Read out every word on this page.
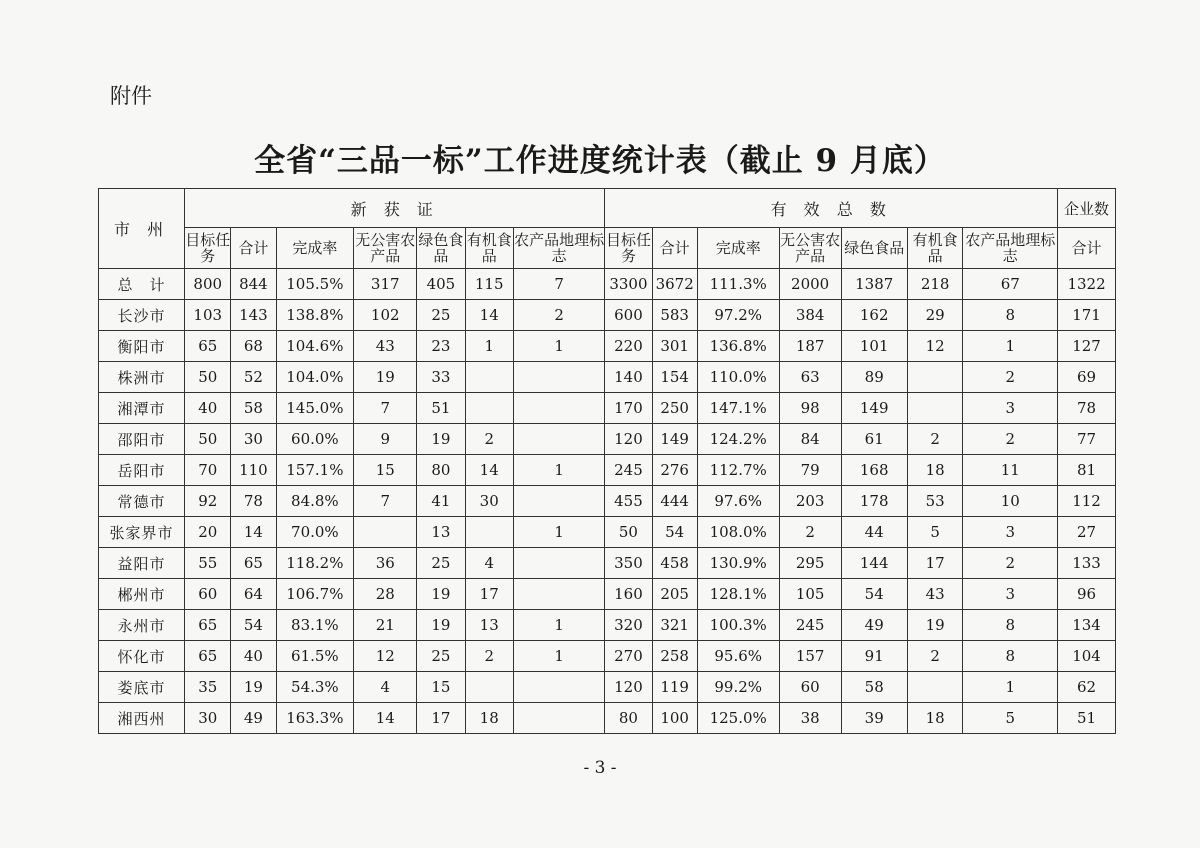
附件
全省“三品一标”工作进度统计表（截止 9 月底）
市 州	新 获 证							有 效 总 数							企业数
	目标任务	合计	完成率	无公害农产品	绿色食品	有机食品	农产品地理标志	目标任务	合计	完成率	无公害农产品	绿色食品	有机食品	农产品地理标志	合计
总　计	800	844	105.5%	317	405	115	7	3300	3672	111.3%	2000	1387	218	67	1322
长沙市	103	143	138.8%	102	25	14	2	600	583	97.2%	384	162	29	8	171
衡阳市	65	68	104.6%	43	23	1	1	220	301	136.8%	187	101	12	1	127
株洲市	50	52	104.0%	19	33			140	154	110.0%	63	89		2	69
湘潭市	40	58	145.0%	7	51			170	250	147.1%	98	149		3	78
邵阳市	50	30	60.0%	9	19	2		120	149	124.2%	84	61	2	2	77
岳阳市	70	110	157.1%	15	80	14	1	245	276	112.7%	79	168	18	11	81
常德市	92	78	84.8%	7	41	30		455	444	97.6%	203	178	53	10	112
张家界市	20	14	70.0%		13		1	50	54	108.0%	2	44	5	3	27
益阳市	55	65	118.2%	36	25	4		350	458	130.9%	295	144	17	2	133
郴州市	60	64	106.7%	28	19	17		160	205	128.1%	105	54	43	3	96
永州市	65	54	83.1%	21	19	13	1	320	321	100.3%	245	49	19	8	134
怀化市	65	40	61.5%	12	25	2	1	270	258	95.6%	157	91	2	8	104
娄底市	35	19	54.3%	4	15			120	119	99.2%	60	58		1	62
湘西州	30	49	163.3%	14	17	18		80	100	125.0%	38	39	18	5	51
- 3 -
